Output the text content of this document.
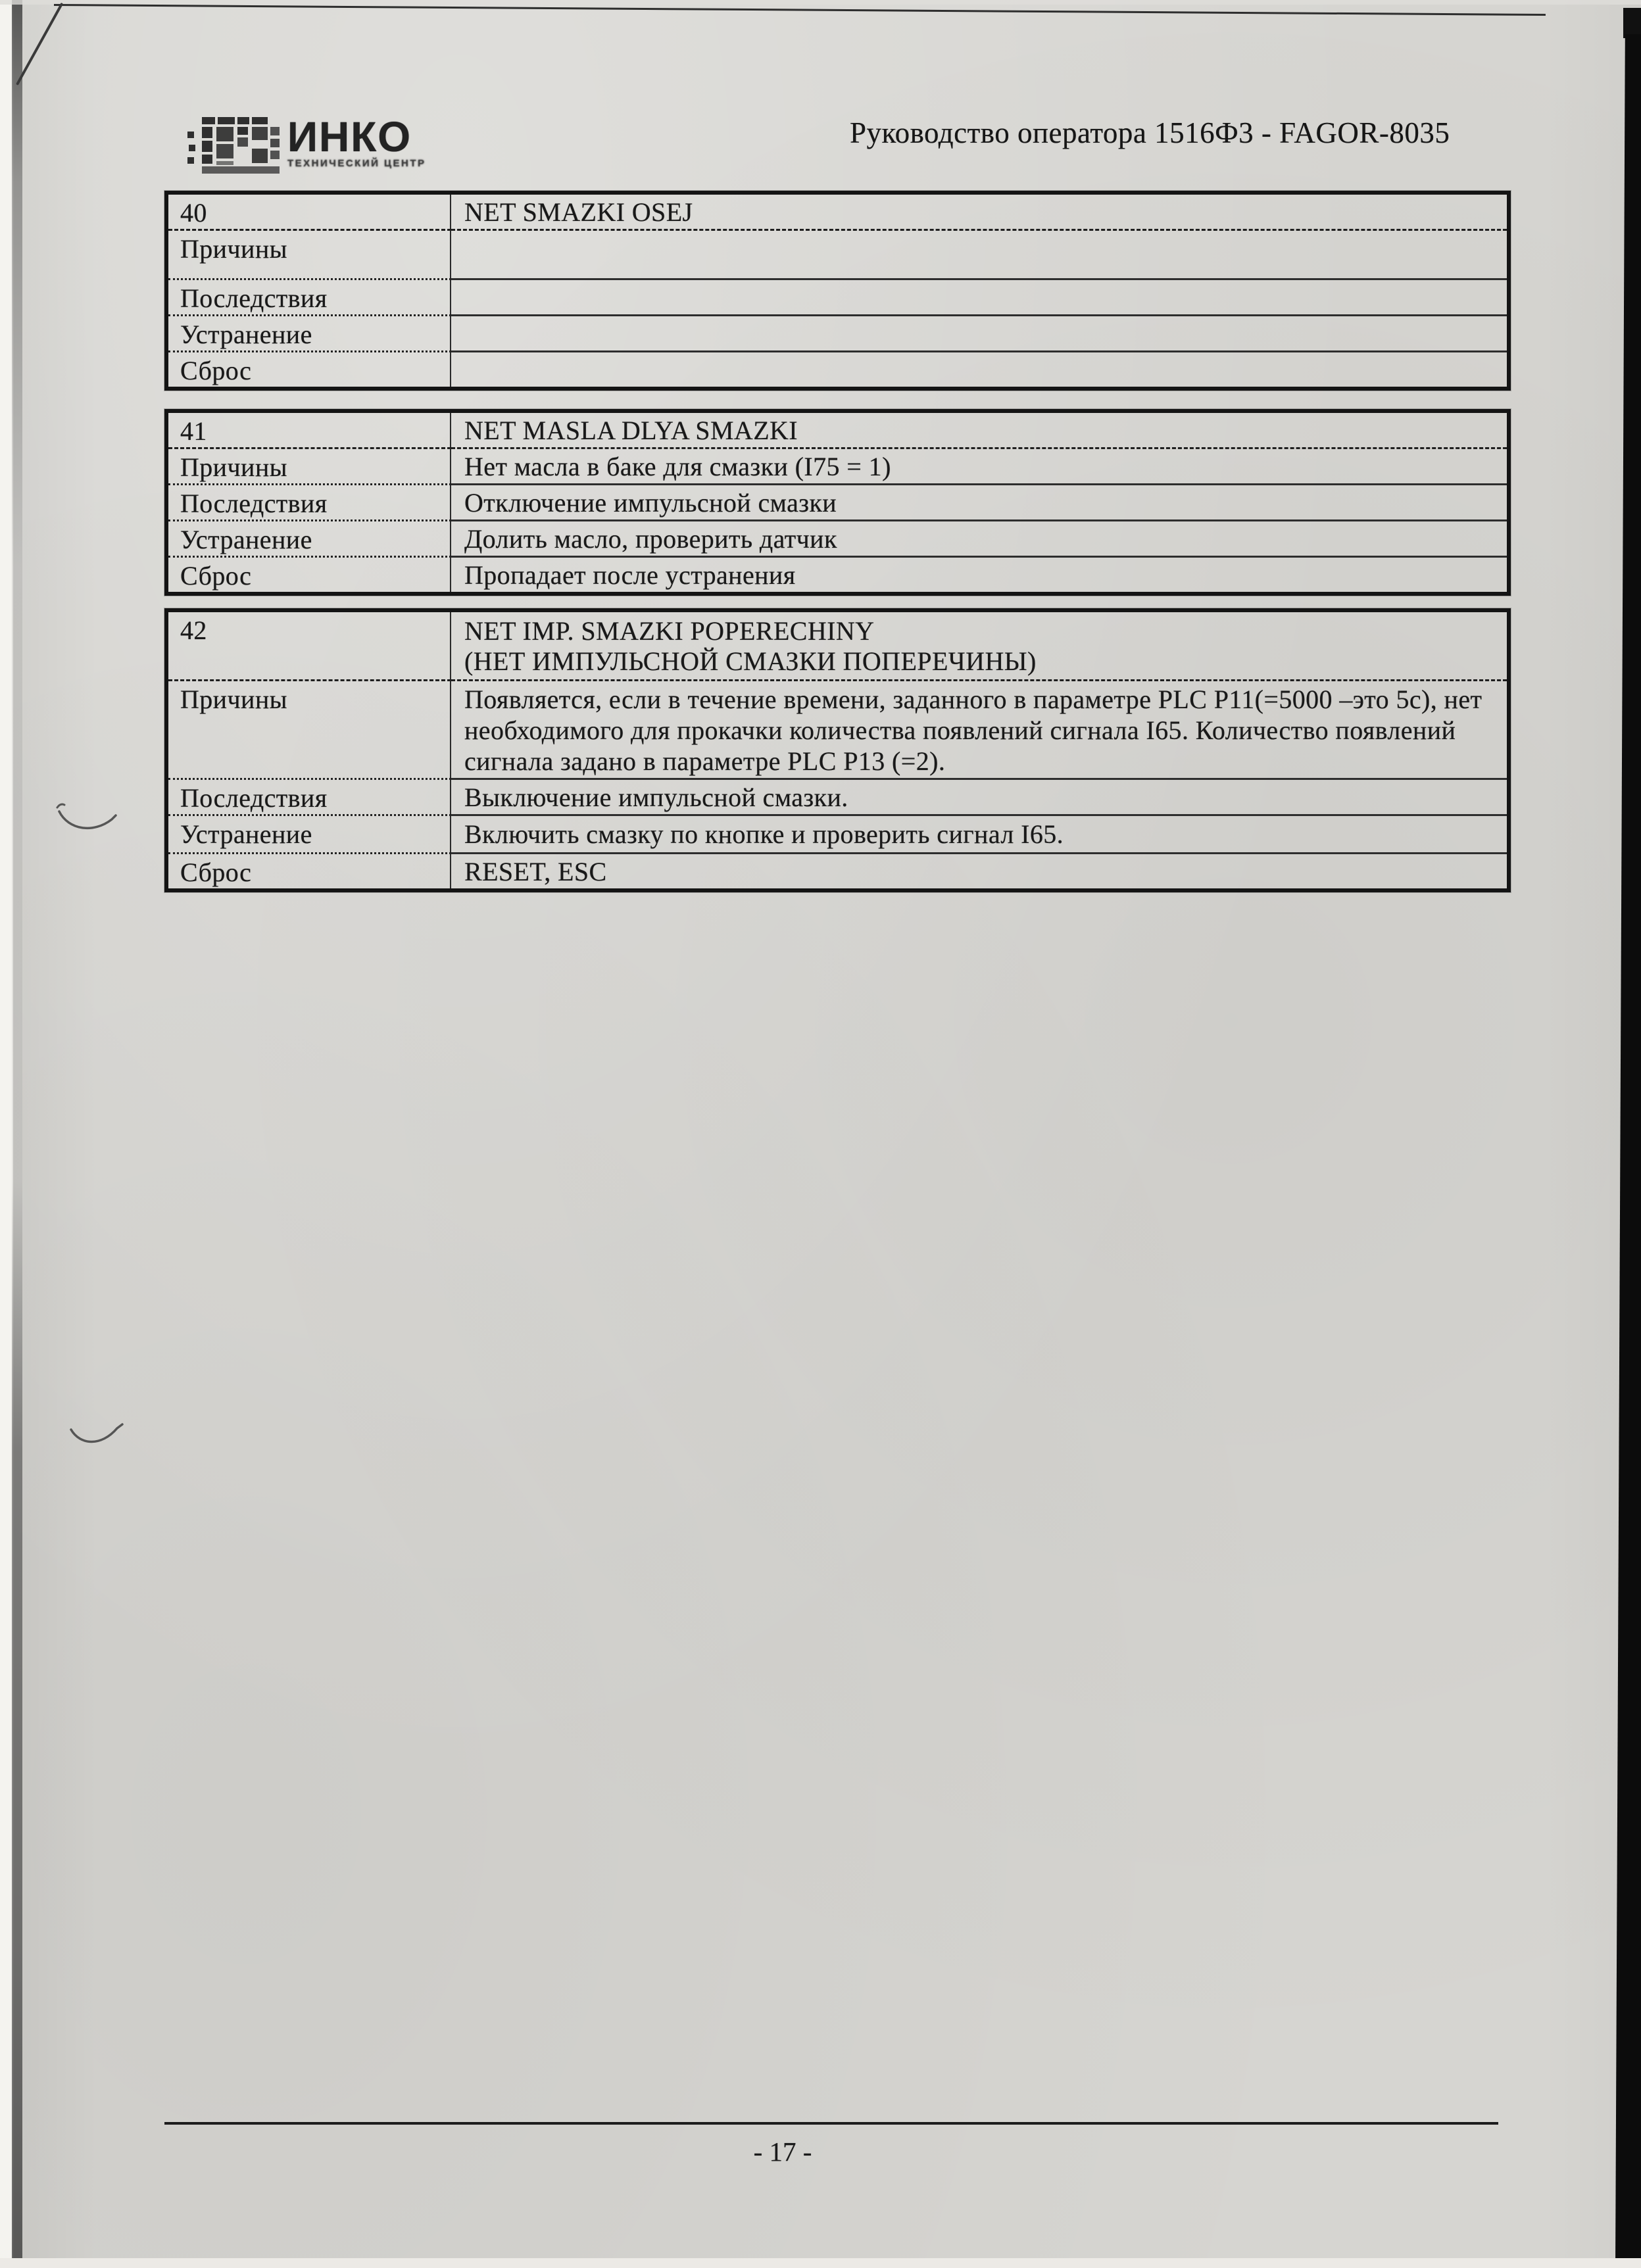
ИНКО
ТЕХНИЧЕСКИЙ ЦЕНТР
Руководство оператора 1516Ф3 - FAGOR-8035
40	NET SMAZKI OSEJ
Причины
Последствия
Устранение
Сброс
41	NET MASLA DLYA SMAZKI
Причины	Нет масла в баке для смазки (I75 = 1)
Последствия	Отключение импульсной смазки
Устранение	Долить масло, проверить датчик
Сброс	Пропадает после устранения
42	NET IMP. SMAZKI POPERECHINY
(НЕТ ИМПУЛЬСНОЙ СМАЗКИ ПОПЕРЕЧИНЫ)
Причины	Появляется, если в течение времени, заданного в параметре PLC P11(=5000 –это 5с), нет необходимого для прокачки количества появлений сигнала I65. Количество появлений сигнала задано в параметре PLC P13 (=2).
Последствия	Выключение импульсной смазки.
Устранение	Включить смазку по кнопке и проверить сигнал I65.
Сброс	RESET, ESC
- 17 -
